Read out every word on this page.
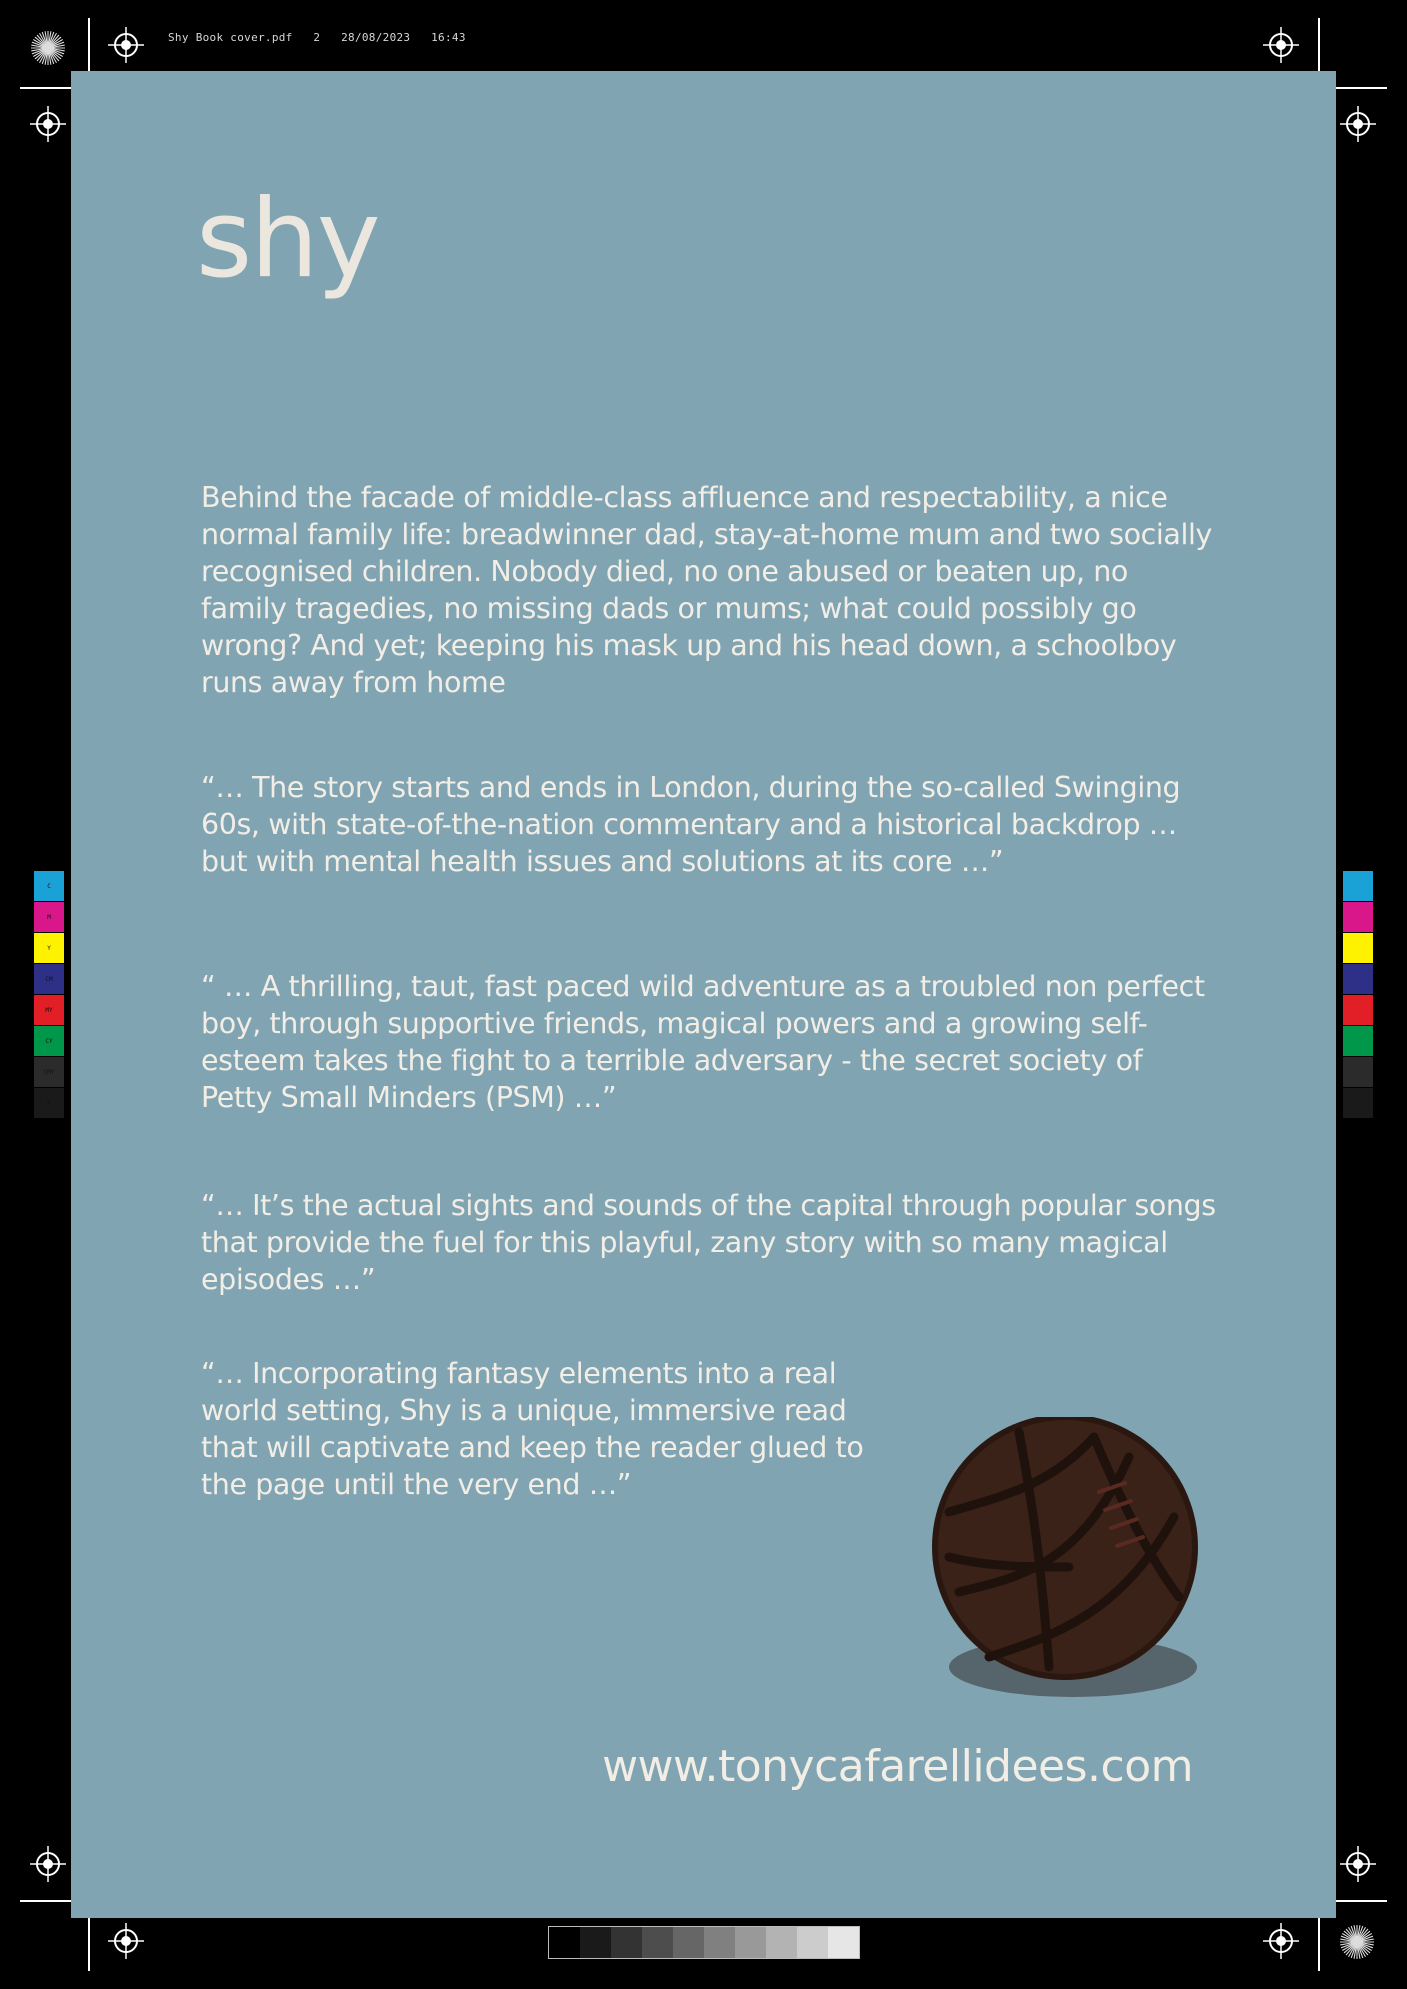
Shy Book cover.pdf 2 28/08/2023 16:43
shy

Behind the facade of middle-class affluence and respectability, a nice normal family life: breadwinner dad, stay-at-home mum and two socially recognised children. Nobody died, no one abused or beaten up, no family tragedies, no missing dads or mums; what could possibly go wrong? And yet; keeping his mask up and his head down, a schoolboy runs away from home

“… The story starts and ends in London, during the so-called Swinging 60s, with state-of-the-nation commentary and a historical backdrop … but with mental health issues and solutions at its core …”

“ … A thrilling, taut, fast paced wild adventure as a troubled non perfect boy, through supportive friends, magical powers and a growing self-esteem takes the fight to a terrible adversary - the secret society of Petty Small Minders (PSM) …”

“… It’s the actual sights and sounds of the capital through popular songs that provide the fuel for this playful, zany story with so many magical episodes …”

“… Incorporating fantasy elements into a real world setting, Shy is a unique, immersive read that will captivate and keep the reader glued to the page until the very end …”

www.tonycafarellidees.com
C
M
Y
CM
MY
CY
CMY
K
